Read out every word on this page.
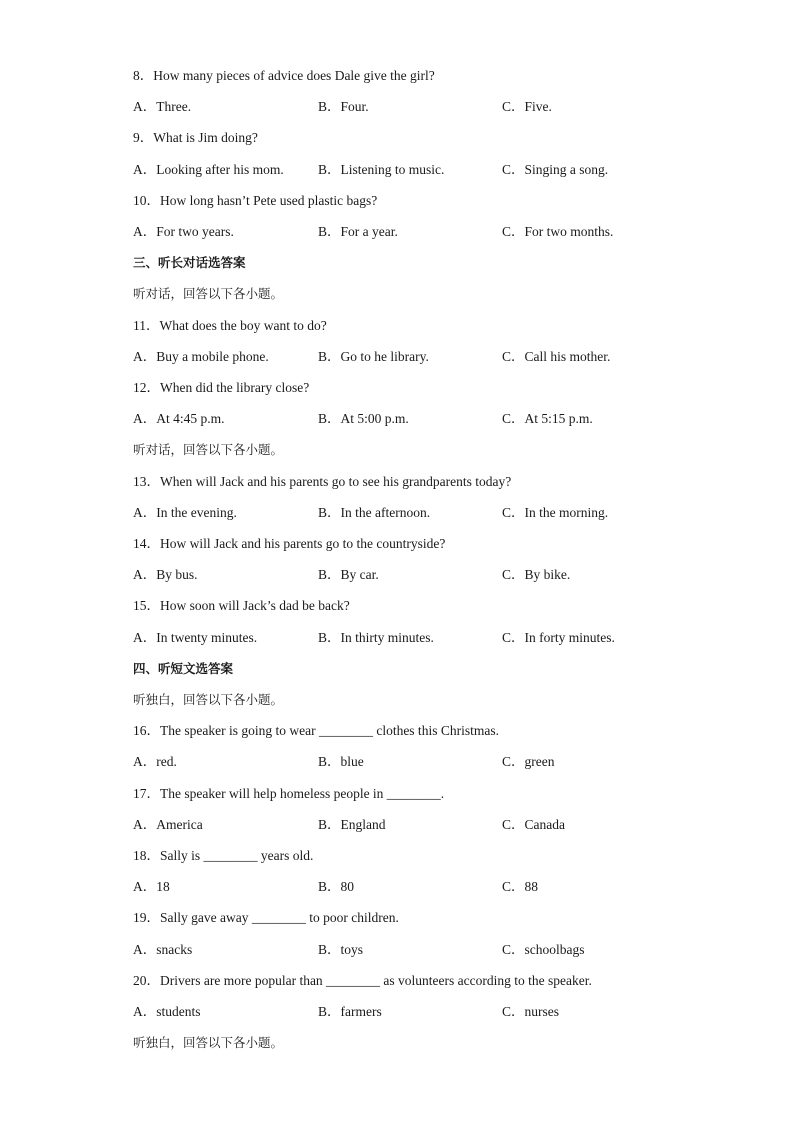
8．How many pieces of advice does Dale give the girl?
A．Three.	B．Four.	C．Five.
9．What is Jim doing?
A．Looking after his mom.	B．Listening to music.	C．Singing a song.
10．How long hasn’t Pete used plastic bags?
A．For two years.	B．For a year.	C．For two months.
三、听长对话选答案
听对话，回答以下各小题。
11．What does the boy want to do?
A．Buy a mobile phone.	B．Go to he library.	C．Call his mother.
12．When did the library close?
A．At 4:45 p.m.	B．At 5:00 p.m.	C．At 5:15 p.m.
听对话，回答以下各小题。
13．When will Jack and his parents go to see his grandparents today?
A．In the evening.	B．In the afternoon.	C．In the morning.
14．How will Jack and his parents go to the countryside?
A．By bus.	B．By car.	C．By bike.
15．How soon will Jack’s dad be back?
A．In twenty minutes.	B．In thirty minutes.	C．In forty minutes.
四、听短文选答案
听独白，回答以下各小题。
16．The speaker is going to wear ________ clothes this Christmas.
A．red.	B．blue	C．green
17．The speaker will help homeless people in ________.
A．America	B．England	C．Canada
18．Sally is ________ years old.
A．18	B．80	C．88
19．Sally gave away ________ to poor children.
A．snacks	B．toys	C．schoolbags
20．Drivers are more popular than ________ as volunteers according to the speaker.
A．students	B．farmers	C．nurses
听独白，回答以下各小题。
